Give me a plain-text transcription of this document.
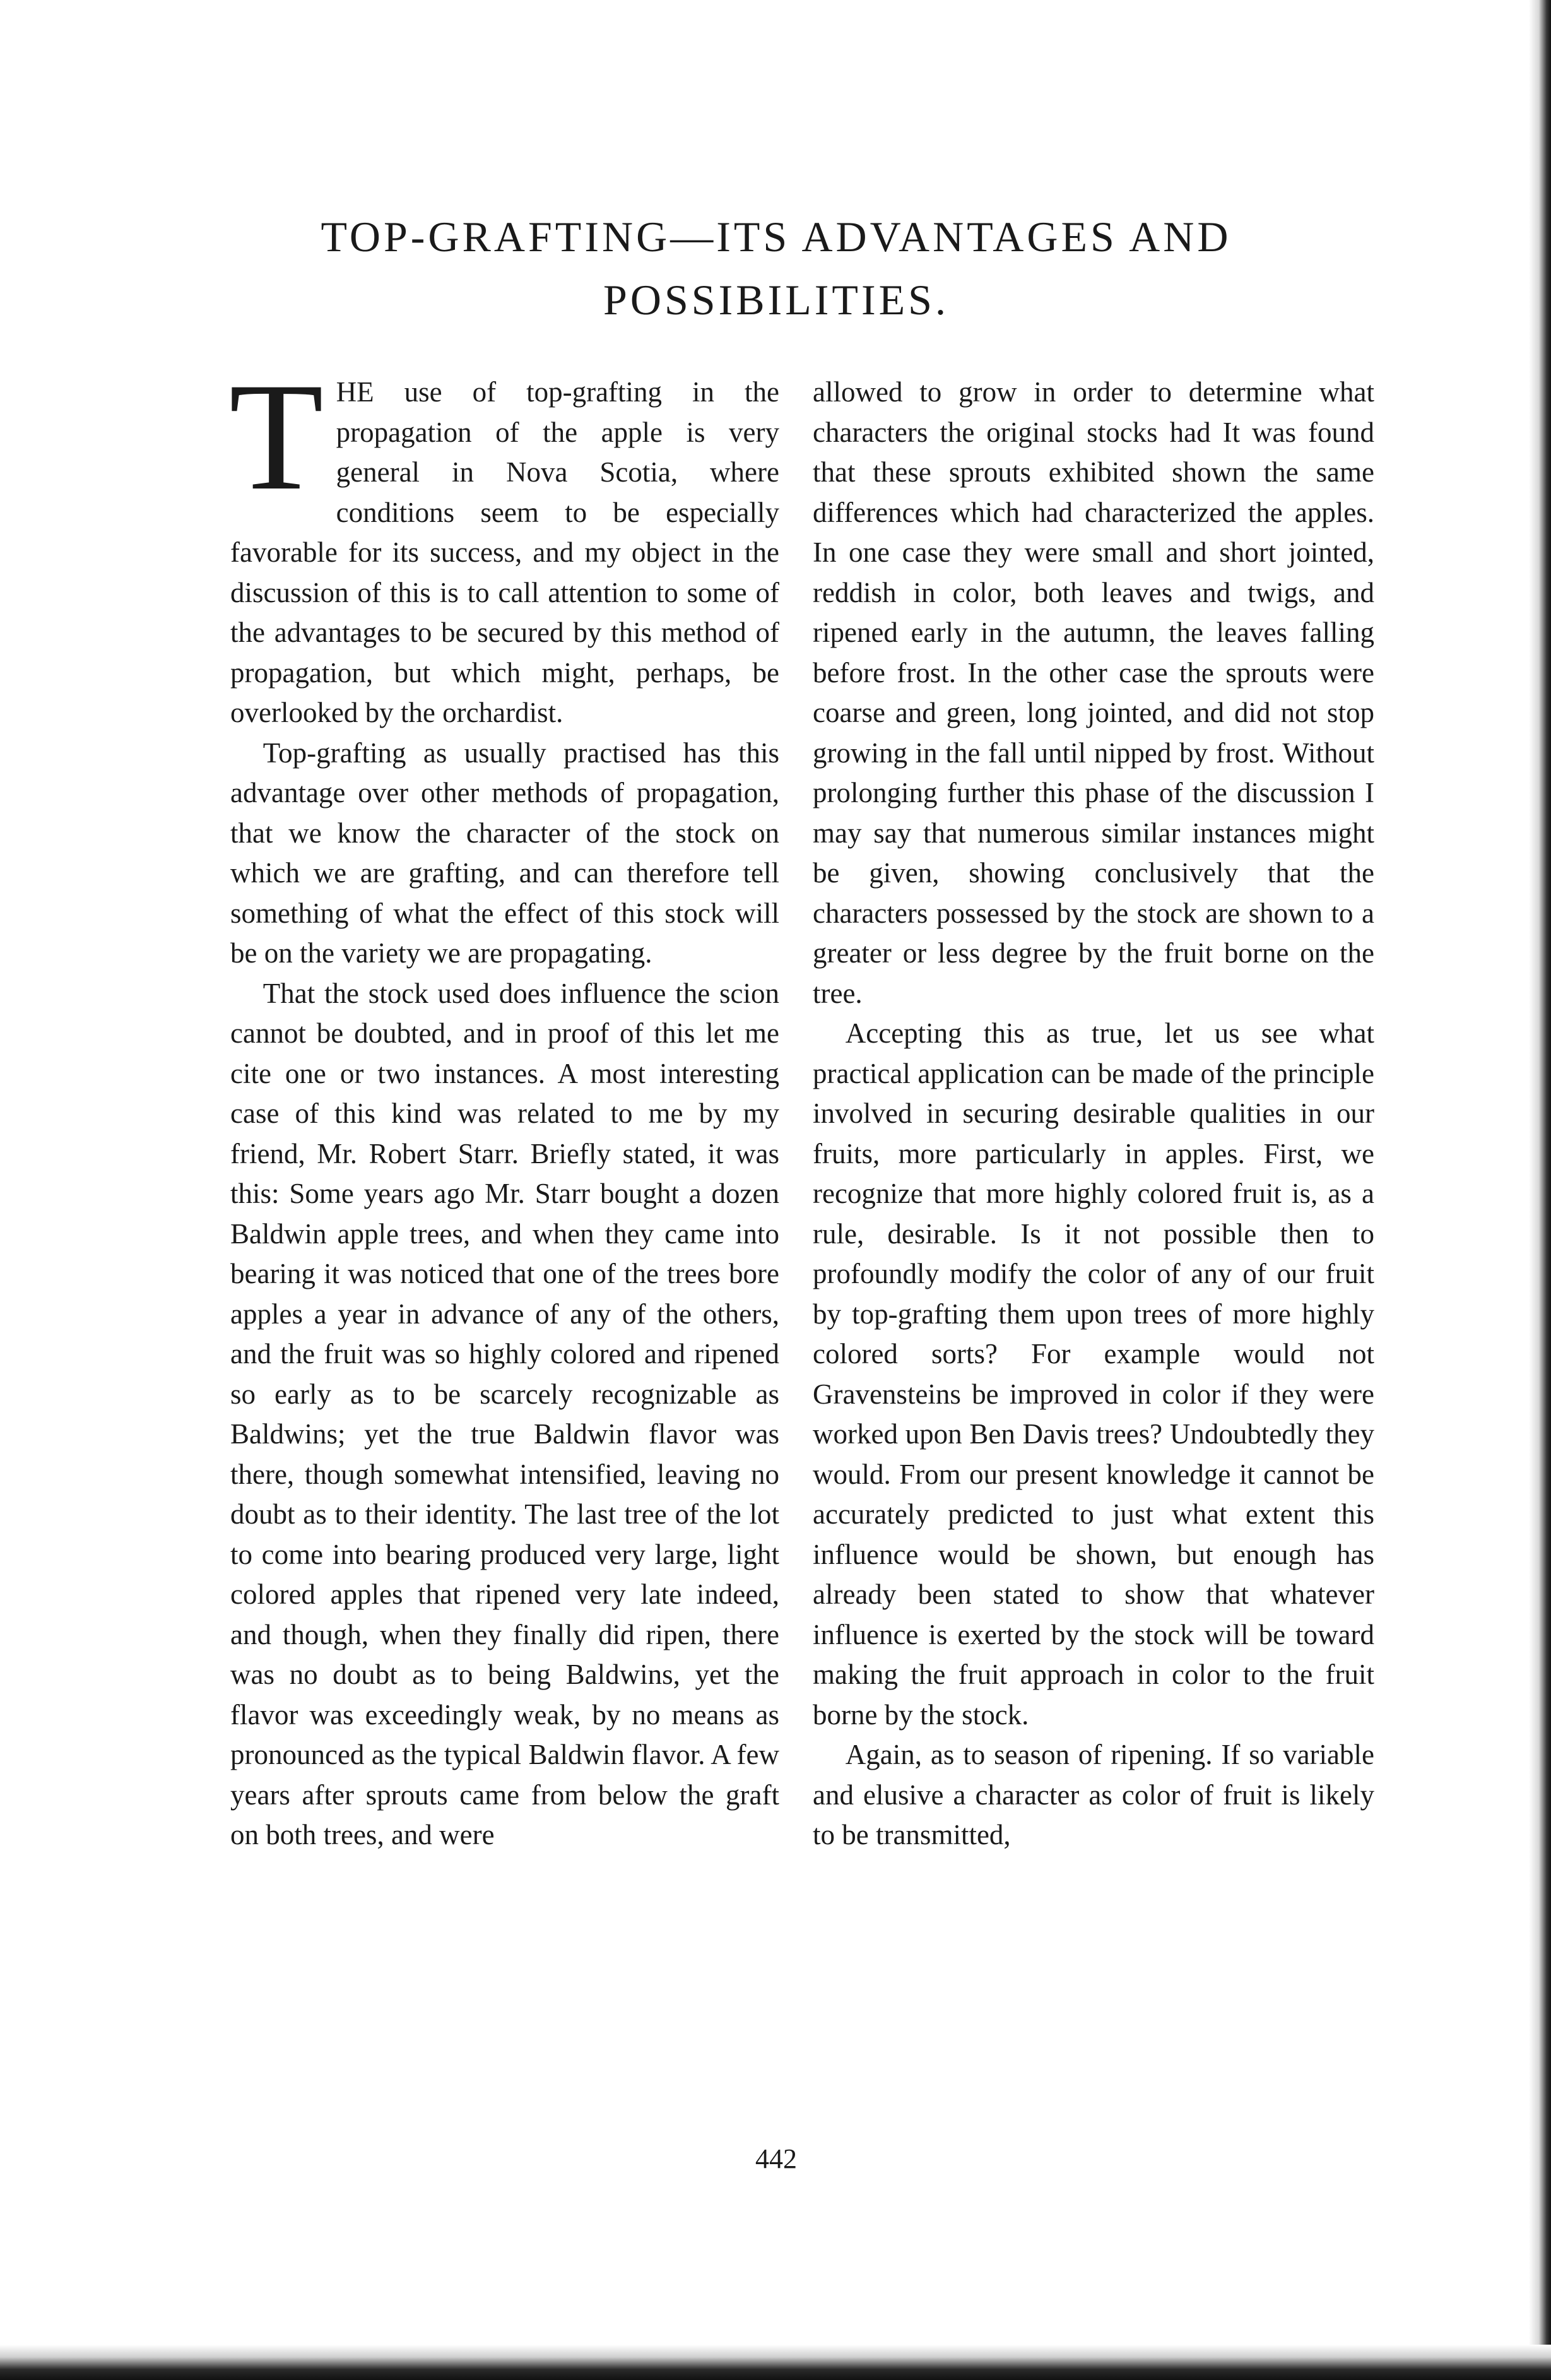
TOP-GRAFTING—ITS ADVANTAGES AND
POSSIBILITIES.

THE use of top-grafting in the propagation of the apple is very general in Nova Scotia, where conditions seem to be especially favorable for its success, and my object in the discussion of this is to call attention to some of the advantages to be secured by this method of propagation, but which might, perhaps, be overlooked by the orchardist.

Top-grafting as usually practised has this advantage over other methods of propagation, that we know the character of the stock on which we are grafting, and can therefore tell something of what the effect of this stock will be on the variety we are propagating.

That the stock used does influence the scion cannot be doubted, and in proof of this let me cite one or two instances. A most interesting case of this kind was related to me by my friend, Mr. Robert Starr. Briefly stated, it was this: Some years ago Mr. Starr bought a dozen Baldwin apple trees, and when they came into bearing it was noticed that one of the trees bore apples a year in advance of any of the others, and the fruit was so highly colored and ripened so early as to be scarcely recognizable as Baldwins; yet the true Baldwin flavor was there, though somewhat intensified, leaving no doubt as to their identity. The last tree of the lot to come into bearing produced very large, light colored apples that ripened very late indeed, and though, when they finally did ripen, there was no doubt as to being Baldwins, yet the flavor was exceedingly weak, by no means as pronounced as the typical Baldwin flavor. A few years after sprouts came from below the graft on both trees, and were

allowed to grow in order to determine what characters the original stocks had It was found that these sprouts exhibited shown the same differences which had characterized the apples. In one case they were small and short jointed, reddish in color, both leaves and twigs, and ripened early in the autumn, the leaves falling before frost. In the other case the sprouts were coarse and green, long jointed, and did not stop growing in the fall until nipped by frost. Without prolonging further this phase of the discussion I may say that numerous similar instances might be given, showing conclusively that the characters possessed by the stock are shown to a greater or less degree by the fruit borne on the tree.

Accepting this as true, let us see what practical application can be made of the principle involved in securing desirable qualities in our fruits, more particularly in apples. First, we recognize that more highly colored fruit is, as a rule, desirable. Is it not possible then to profoundly modify the color of any of our fruit by top-grafting them upon trees of more highly colored sorts? For example would not Gravensteins be improved in color if they were worked upon Ben Davis trees? Undoubtedly they would. From our present knowledge it cannot be accurately predicted to just what extent this influence would be shown, but enough has already been stated to show that whatever influence is exerted by the stock will be toward making the fruit approach in color to the fruit borne by the stock.

Again, as to season of ripening. If so variable and elusive a character as color of fruit is likely to be transmitted,

442
